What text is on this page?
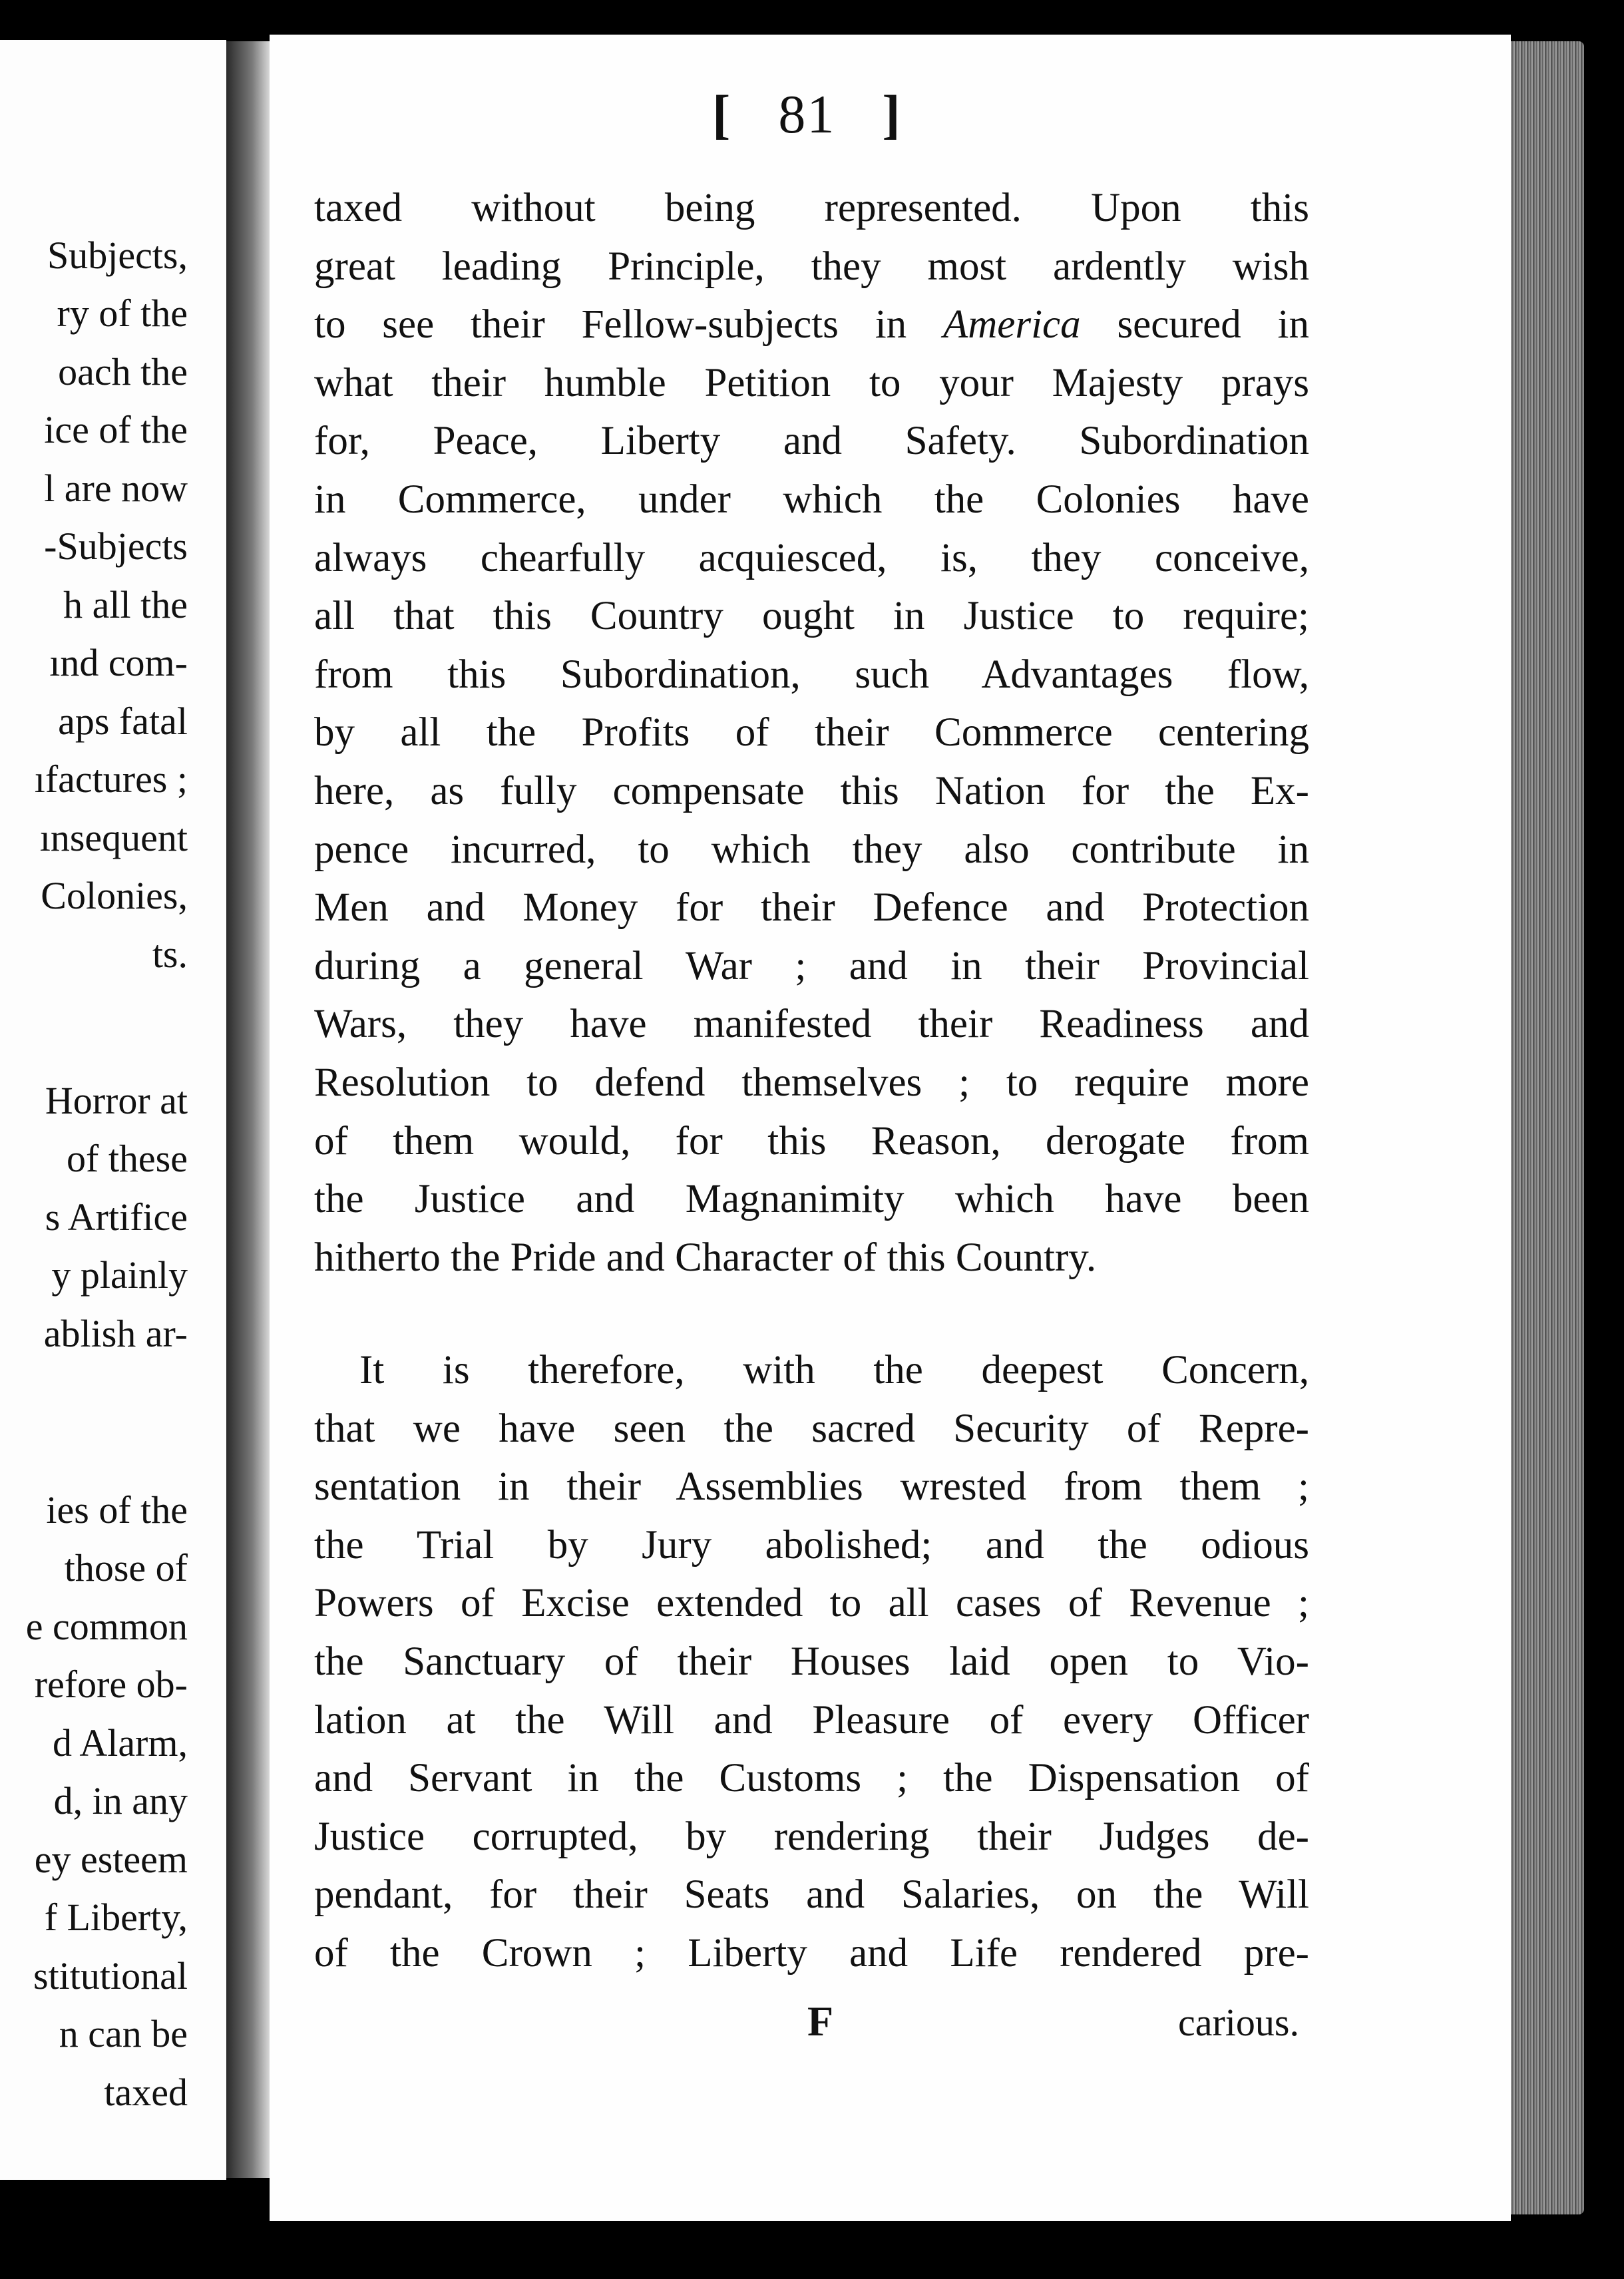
Subjects,
ry of the
oach the
ice of the
l are now
-Subjects
h all the
ınd com-
aps fatal
ıfactures ;
ınsequent
Colonies,
ts.
Horror at
of these
s Artifice
y plainly
ablish ar-
ies of the
those of
e common
refore ob-
d Alarm,
d, in any
ey esteem
f Liberty,
stitutional
n can be
taxed
[ 81 ]
taxed without being represented. Upon this
great leading Principle, they most ardently wish
to see their Fellow-subjects in America secured in
what their humble Petition to your Majesty prays
for, Peace, Liberty and Safety. Subordination
in Commerce, under which the Colonies have
always chearfully acquiesced, is, they conceive,
all that this Country ought in Justice to require;
from this Subordination, such Advantages flow,
by all the Profits of their Commerce centering
here, as fully compensate this Nation for the Ex-
pence incurred, to which they also contribute in
Men and Money for their Defence and Protection
during a general War ; and in their Provincial
Wars, they have manifested their Readiness and
Resolution to defend themselves ; to require more
of them would, for this Reason, derogate from
the Justice and Magnanimity which have been
hitherto the Pride and Character of this Country.
It is therefore, with the deepest Concern,
that we have seen the sacred Security of Repre-
sentation in their Assemblies wrested from them ;
the Trial by Jury abolished; and the odious
Powers of Excise extended to all cases of Revenue ;
the Sanctuary of their Houses laid open to Vio-
lation at the Will and Pleasure of every Officer
and Servant in the Customs ; the Dispensation of
Justice corrupted, by rendering their Judges de-
pendant, for their Seats and Salaries, on the Will
of the Crown ; Liberty and Life rendered pre-
F	carious.
